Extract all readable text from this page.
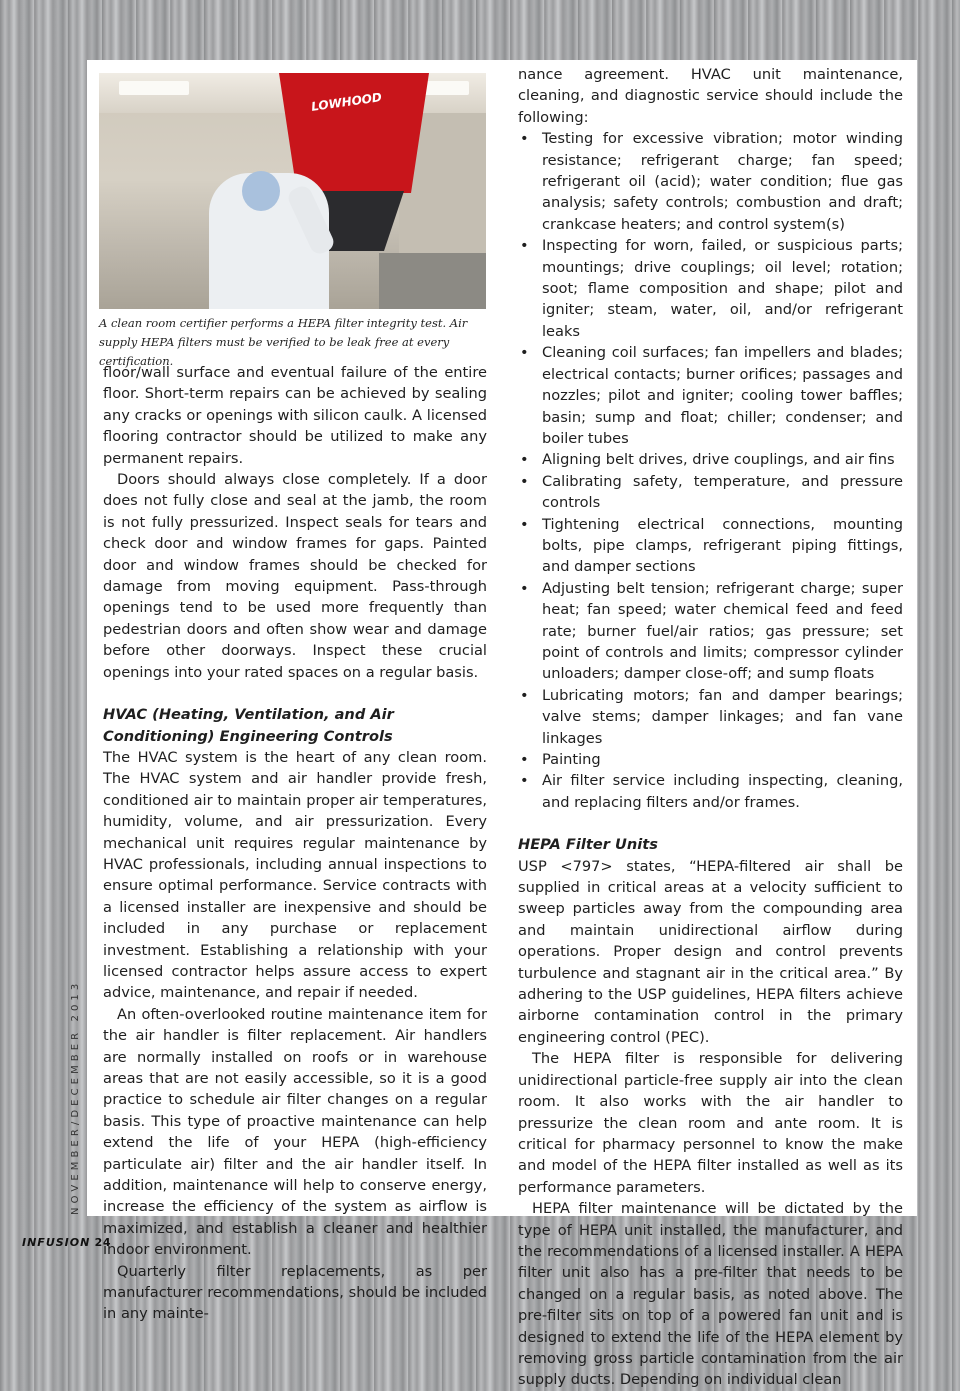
LOWHOOD
A clean room certifier performs a HEPA filter integrity test. Air supply HEPA filters must be verified to be leak free at every certification.

floor/wall surface and eventual failure of the entire floor. Short-term repairs can be achieved by sealing any cracks or openings with silicon caulk. A licensed flooring contractor should be utilized to make any permanent repairs.

Doors should always close completely. If a door does not fully close and seal at the jamb, the room is not fully pressurized. Inspect seals for tears and check door and window frames for gaps. Painted door and window frames should be checked for damage from moving equipment. Pass-through openings tend to be used more frequently than pedestrian doors and often show wear and damage before other doorways. Inspect these crucial openings into your rated spaces on a regular basis.

HVAC (Heating, Ventilation, and Air Conditioning) Engineering Controls

The HVAC system is the heart of any clean room. The HVAC system and air handler provide fresh, conditioned air to maintain proper air temperatures, humidity, volume, and air pressurization. Every mechanical unit requires regular maintenance by HVAC professionals, including annual inspections to ensure optimal performance. Service contracts with a licensed installer are inexpensive and should be included in any purchase or replacement investment. Establishing a relationship with your licensed contractor helps assure access to expert advice, maintenance, and repair if needed.

An often-overlooked routine maintenance item for the air handler is filter replacement. Air handlers are normally installed on roofs or in warehouse areas that are not easily accessible, so it is a good practice to schedule air filter changes on a regular basis. This type of proactive maintenance can help extend the life of your HEPA (high-efficiency particulate air) filter and the air handler itself. In addition, maintenance will help to conserve energy, increase the efficiency of the system as airflow is maximized, and establish a cleaner and healthier indoor environment.

Quarterly filter replacements, as per manufacturer recommendations, should be included in any mainte-

nance agreement. HVAC unit maintenance, cleaning, and diagnostic service should include the following:

• Testing for excessive vibration; motor winding resistance; refrigerant charge; fan speed; refrigerant oil (acid); water condition; flue gas analysis; safety controls; combustion and draft; crankcase heaters; and control system(s)
• Inspecting for worn, failed, or suspicious parts; mountings; drive couplings; oil level; rotation; soot; flame composition and shape; pilot and igniter; steam, water, oil, and/or refrigerant leaks
• Cleaning coil surfaces; fan impellers and blades; electrical contacts; burner orifices; passages and nozzles; pilot and igniter; cooling tower baffles; basin; sump and float; chiller; condenser; and boiler tubes
• Aligning belt drives, drive couplings, and air fins
• Calibrating safety, temperature, and pressure controls
• Tightening electrical connections, mounting bolts, pipe clamps, refrigerant piping fittings, and damper sections
• Adjusting belt tension; refrigerant charge; super heat; fan speed; water chemical feed and feed rate; burner fuel/air ratios; gas pressure; set point of controls and limits; compressor cylinder unloaders; damper close-off; and sump floats
• Lubricating motors; fan and damper bearings; valve stems; damper linkages; and fan vane linkages
• Painting
• Air filter service including inspecting, cleaning, and replacing filters and/or frames.
HEPA Filter Units

USP <797> states, “HEPA-filtered air shall be supplied in critical areas at a velocity sufficient to sweep particles away from the compounding area and maintain unidirectional airflow during operations. Proper design and control prevents turbulence and stagnant air in the critical area.” By adhering to the USP guidelines, HEPA filters achieve airborne contamination control in the primary engineering control (PEC).

The HEPA filter is responsible for delivering unidirectional particle-free supply air into the clean room. It also works with the air handler to pressurize the clean room and ante room. It is critical for pharmacy personnel to know the make and model of the HEPA filter installed as well as its performance parameters.

HEPA filter maintenance will be dictated by the type of HEPA unit installed, the manufacturer, and the recommendations of a licensed installer. A HEPA filter unit also has a pre-filter that needs to be changed on a regular basis, as noted above. The pre-filter sits on top of a powered fan unit and is designed to extend the life of the HEPA element by removing gross particle contamination from the air supply ducts. Depending on individual clean

NOVEMBER/DECEMBER 2013
INFUSION 24
